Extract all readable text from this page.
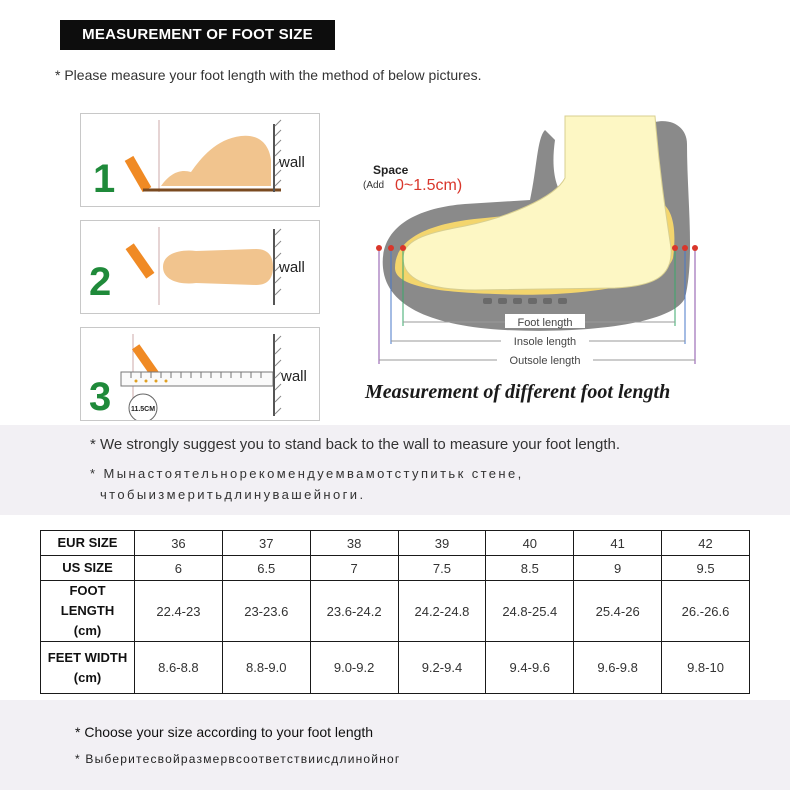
MEASUREMENT OF FOOT SIZE
* Please measure your foot length with the method of below pictures.
1	wall
2	wall
3	11.5CM
wall
Space
(Add 0~1.5cm)
Foot length
Insole length
Outsole length
Measurement of different foot length
* We strongly suggest you to stand back to the wall to measure your foot length.
* Мынастоятельнорекомендуемвамотступитьк стене,
чтобыизмеритьдлинувашейноги.
EUR SIZE	36	37	38	39	40	41	42

US SIZE	6	6.5	7	7.5	8.5	9	9.5

FOOT LENGTH
(cm)	22.4-23	23-23.6	23.6-24.2	24.2-24.8	24.8-25.4	25.4-26	26.-26.6

FEET WIDTH
(cm)	8.6-8.8	8.8-9.0	9.0-9.2	9.2-9.4	9.4-9.6	9.6-9.8	9.8-10
* Choose your size according to your foot length
* Выберитесвойразмервсоответствиисдлинойног
